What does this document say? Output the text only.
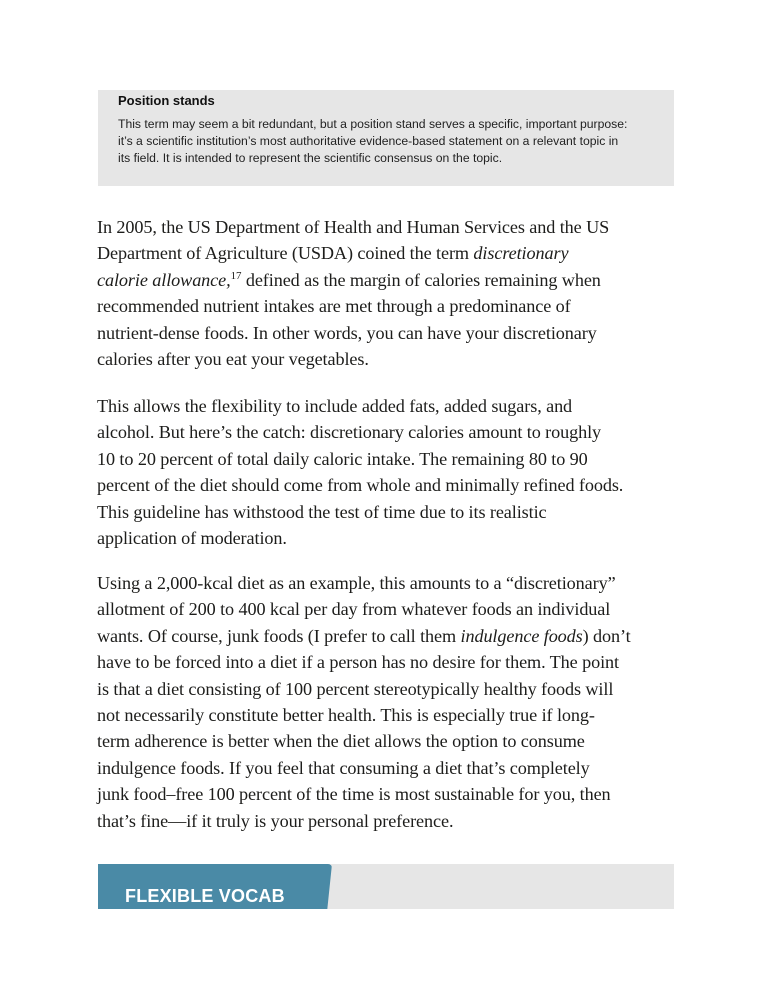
Position stands

This term may seem a bit redundant, but a position stand serves a specific, important purpose:
it’s a scientific institution’s most authoritative evidence-based statement on a relevant topic in
its field. It is intended to represent the scientific consensus on the topic.

In 2005, the US Department of Health and Human Services and the US
Department of Agriculture (USDA) coined the term discretionary
calorie allowance,$^{17}$ defined as the margin of calories remaining when
recommended nutrient intakes are met through a predominance of
nutrient-dense foods. In other words, you can have your discretionary
calories after you eat your vegetables.

This allows the flexibility to include added fats, added sugars, and
alcohol. But here’s the catch: discretionary calories amount to roughly
10 to 20 percent of total daily caloric intake. The remaining 80 to 90
percent of the diet should come from whole and minimally refined foods.
This guideline has withstood the test of time due to its realistic
application of moderation.

Using a 2,000-kcal diet as an example, this amounts to a “discretionary”
allotment of 200 to 400 kcal per day from whatever foods an individual
wants. Of course, junk foods (I prefer to call them indulgence foods) don’t
have to be forced into a diet if a person has no desire for them. The point
is that a diet consisting of 100 percent stereotypically healthy foods will
not necessarily constitute better health. This is especially true if long-
term adherence is better when the diet allows the option to consume
indulgence foods. If you feel that consuming a diet that’s completely
junk food–free 100 percent of the time is most sustainable for you, then
that’s fine—if it truly is your personal preference.

FLEXIBLE VOCAB
